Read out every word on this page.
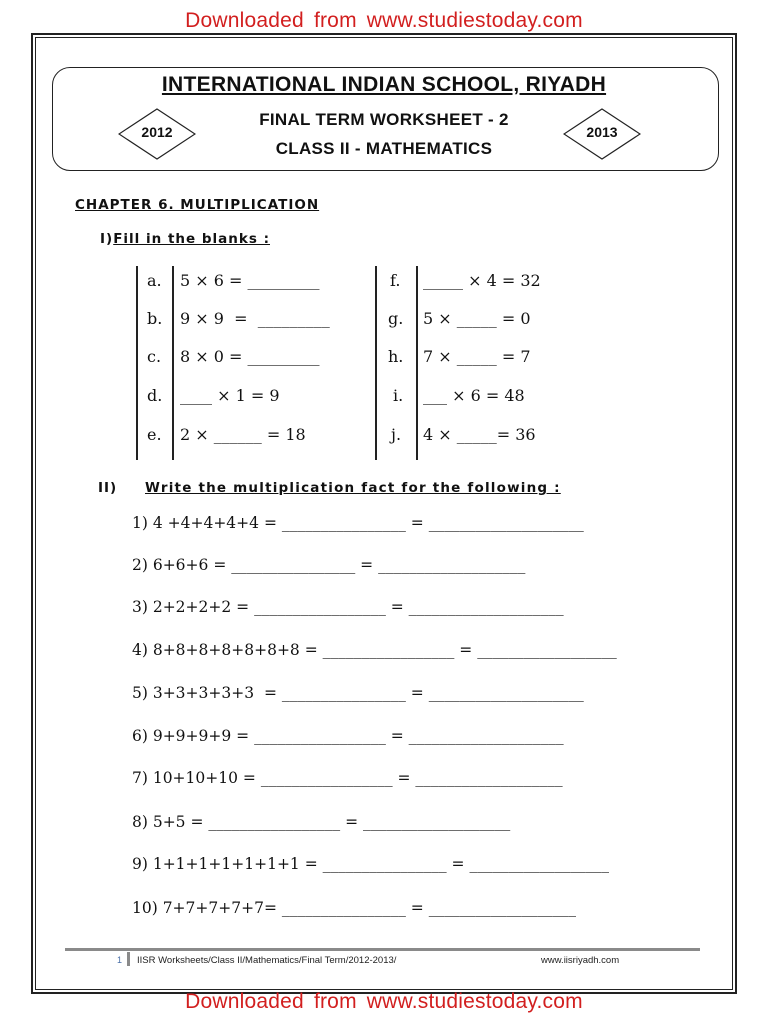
Downloaded from www.studiestoday.com
INTERNATIONAL INDIAN SCHOOL, RIYADH
FINAL TERM WORKSHEET - 2
CLASS II - MATHEMATICS
2012	2013
CHAPTER 6. MULTIPLICATION
I)Fill in the blanks :
a. 5 × 6 = _________
b. 9 × 9  =  _________
c. 8 × 0 = _________
d. ____ × 1 = 9
e. 2 × ______ = 18
f. _____ × 4 = 32
g. 5 × _____ = 0
h. 7 × _____ = 7
i. ___ × 6 = 48
j. 4 × _____= 36
II) Write the multiplication fact for the following :
1) 4 +4+4+4+4 = ________________ = ____________________
2) 6+6+6 = ________________ = ___________________
3) 2+2+2+2 = _________________ = ____________________
4) 8+8+8+8+8+8+8 = _________________ = __________________
5) 3+3+3+3+3  = ________________ = ____________________
6) 9+9+9+9 = _________________ = ____________________
7) 10+10+10 = _________________ = ___________________
8) 5+5 = _________________ = ___________________
9) 1+1+1+1+1+1+1 = ________________ = __________________
10) 7+7+7+7+7= ________________ = ___________________
1 IISR Worksheets/Class II/Mathematics/Final Term/2012-2013/	www.iisriyadh.com
Downloaded from www.studiestoday.com
